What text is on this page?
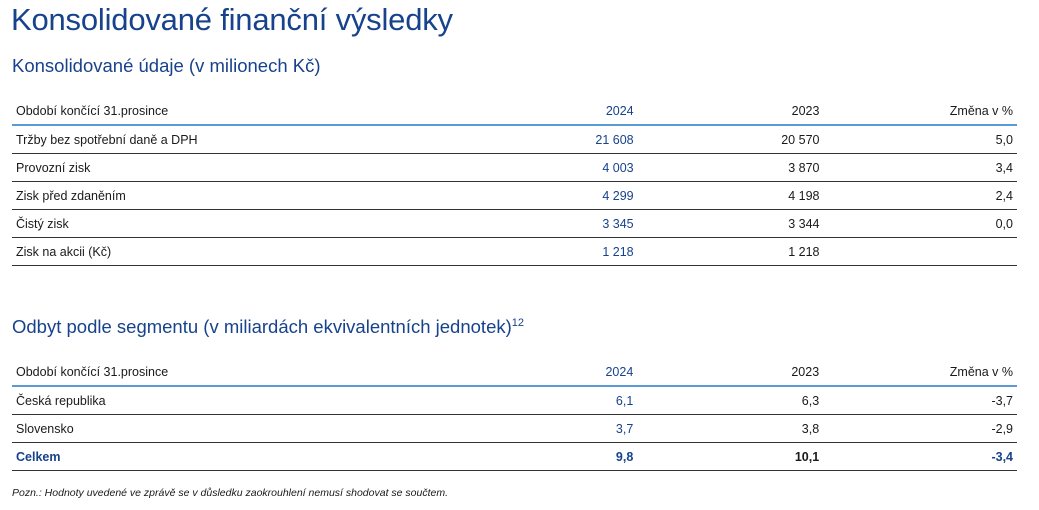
Konsolidované finanční výsledky
Konsolidované údaje (v milionech Kč)
Období končící 31.prosince	2024	2023	Změna v %
Tržby bez spotřební daně a DPH	21 608	20 570	5,0
Provozní zisk	4 003	3 870	3,4
Zisk před zdaněním	4 299	4 198	2,4
Čistý zisk	3 345	3 344	0,0
Zisk na akcii (Kč)	1 218	1 218	
Odbyt podle segmentu (v miliardách ekvivalentních jednotek)$^{12}$
Období končící 31.prosince	2024	2023	Změna v %
Česká republika	6,1	6,3	-3,7
Slovensko	3,7	3,8	-2,9
Celkem	9,8	10,1	-3,4
Pozn.: Hodnoty uvedené ve zprávě se v důsledku zaokrouhlení nemusí shodovat se součtem.
